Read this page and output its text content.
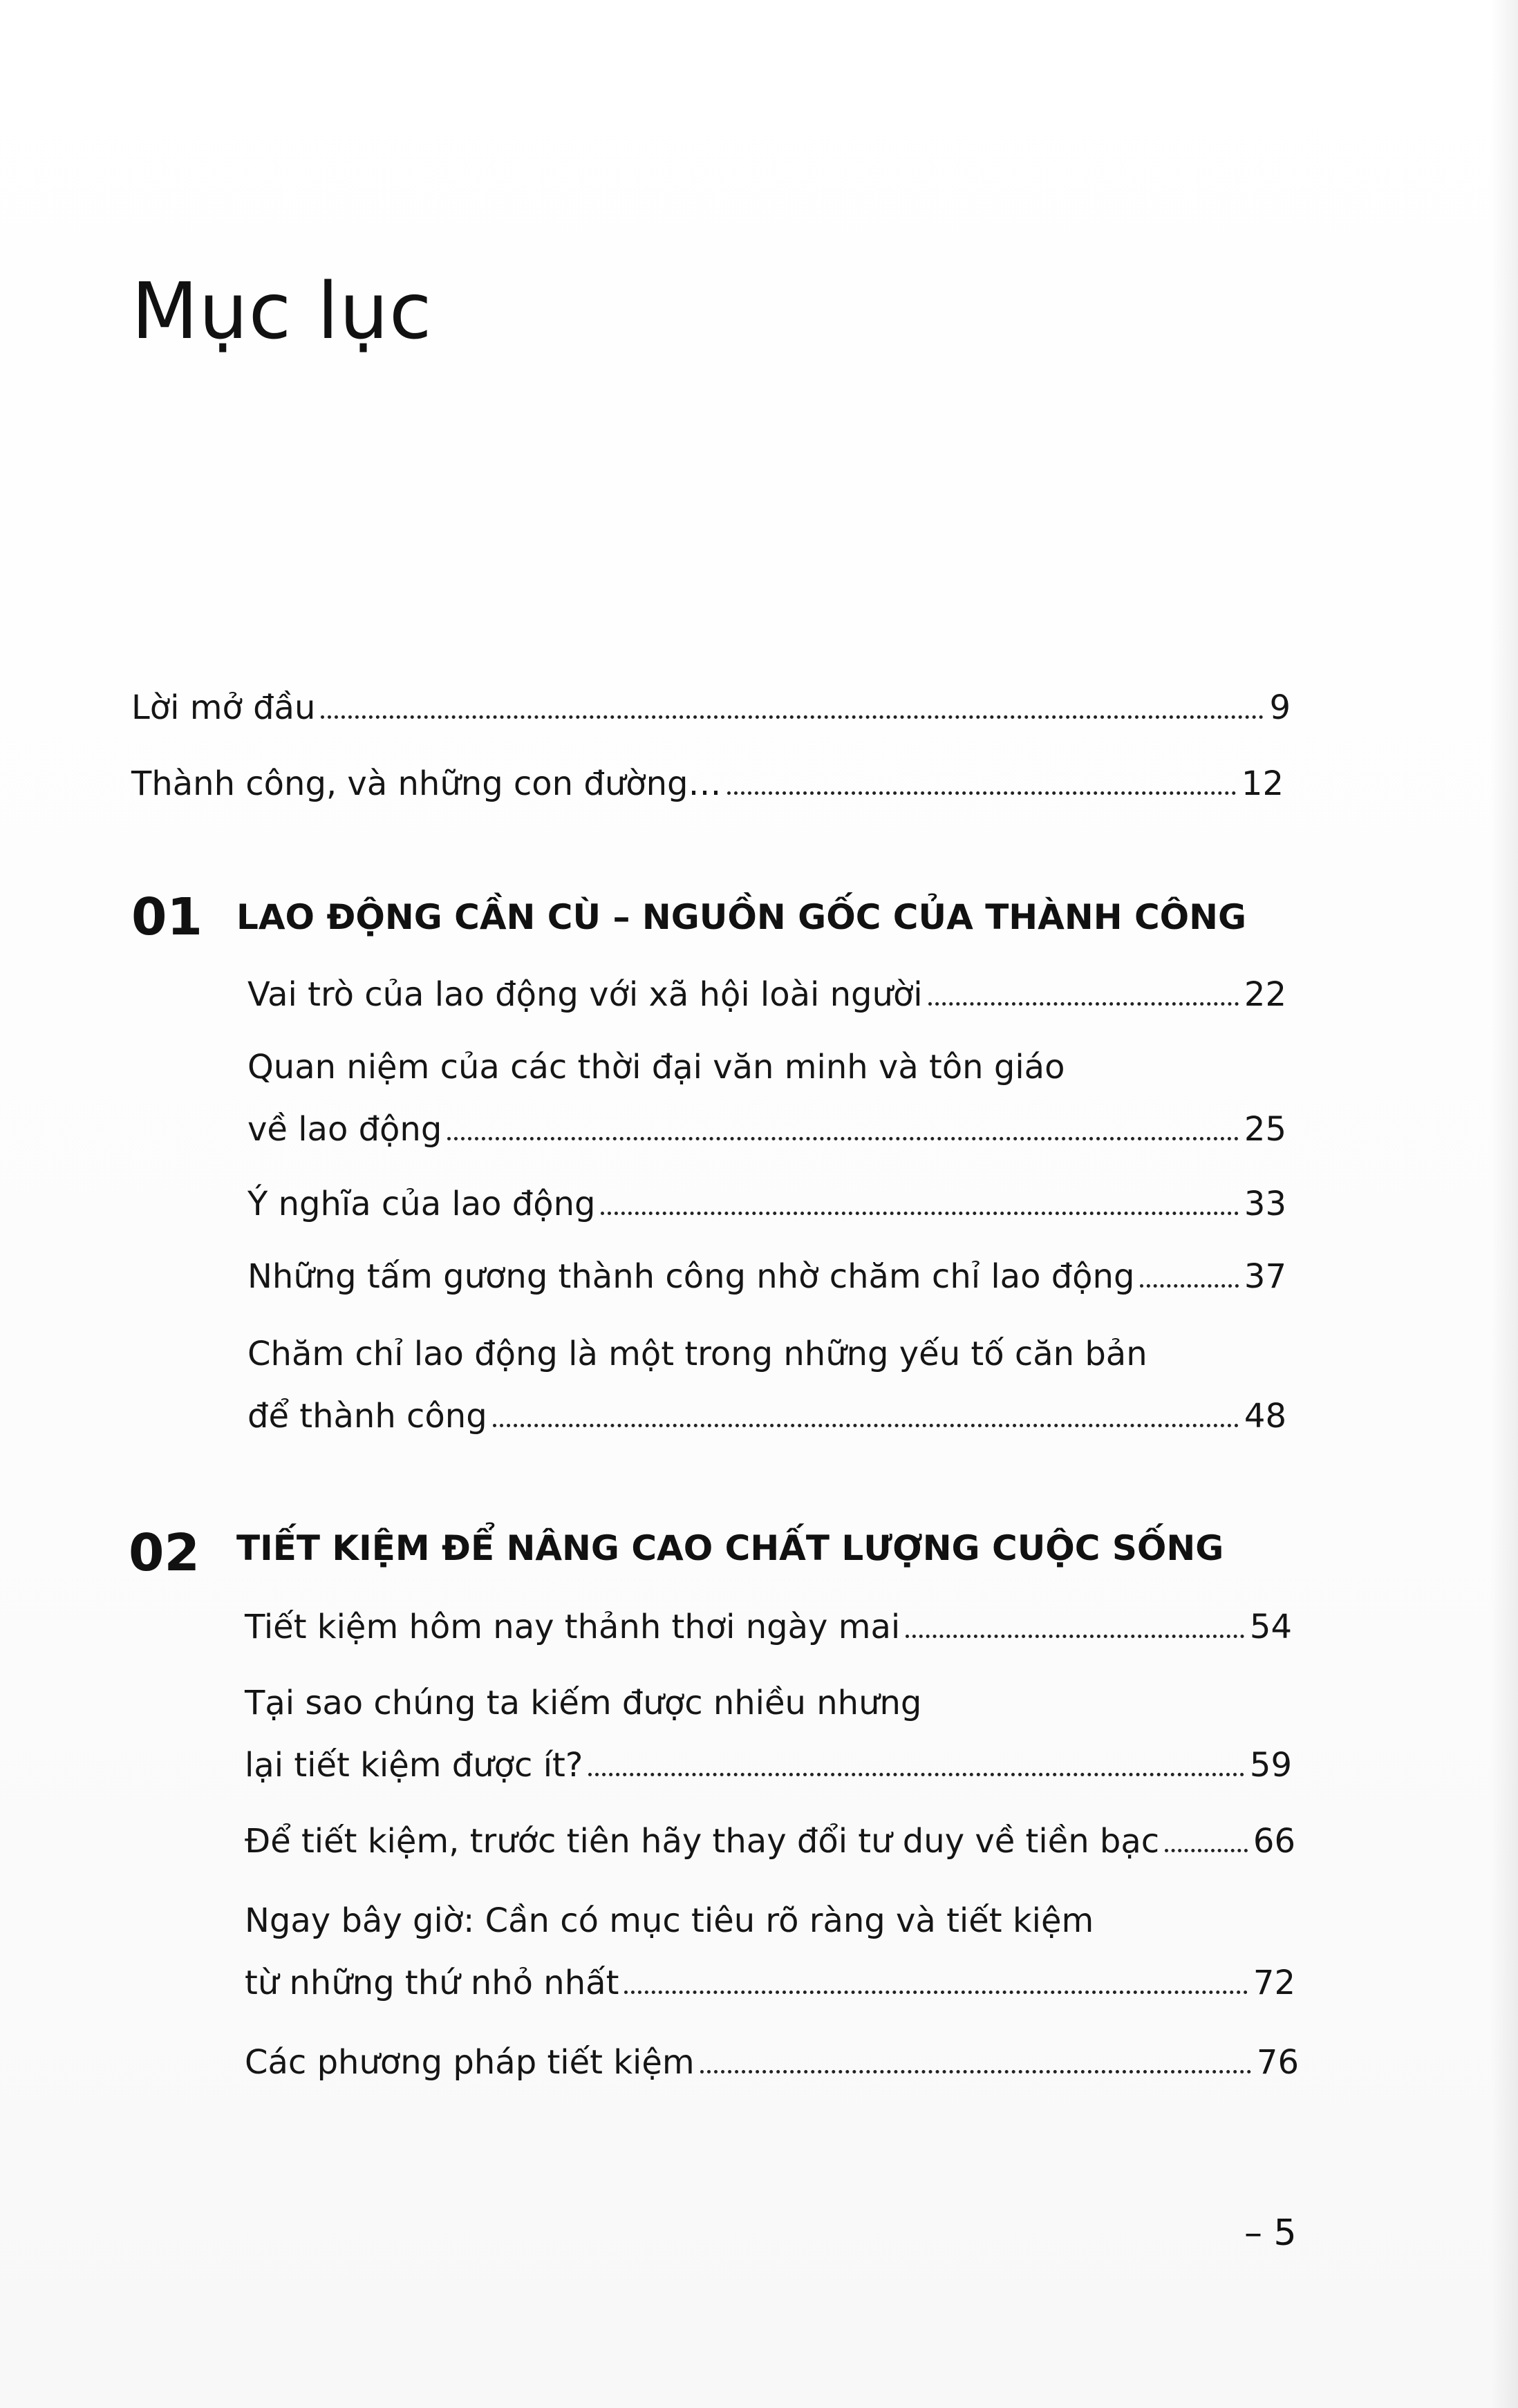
Mục lục
Lời mở đầu	9
Thành công, và những con đường…	12
01 LAO ĐỘNG CẦN CÙ – NGUỒN GỐC CỦA THÀNH CÔNG
Vai trò của lao động với xã hội loài người	22
Quan niệm của các thời đại văn minh và tôn giáo
về lao động	25
Ý nghĩa của lao động	33
Những tấm gương thành công nhờ chăm chỉ lao động	37
Chăm chỉ lao động là một trong những yếu tố căn bản
để thành công	48
02 TIẾT KIỆM ĐỂ NÂNG CAO CHẤT LƯỢNG CUỘC SỐNG
Tiết kiệm hôm nay thảnh thơi ngày mai	54
Tại sao chúng ta kiếm được nhiều nhưng
lại tiết kiệm được ít?	59
Để tiết kiệm, trước tiên hãy thay đổi tư duy về tiền bạc	66
Ngay bây giờ: Cần có mục tiêu rõ ràng và tiết kiệm
từ những thứ nhỏ nhất	72
Các phương pháp tiết kiệm	76
– 5
